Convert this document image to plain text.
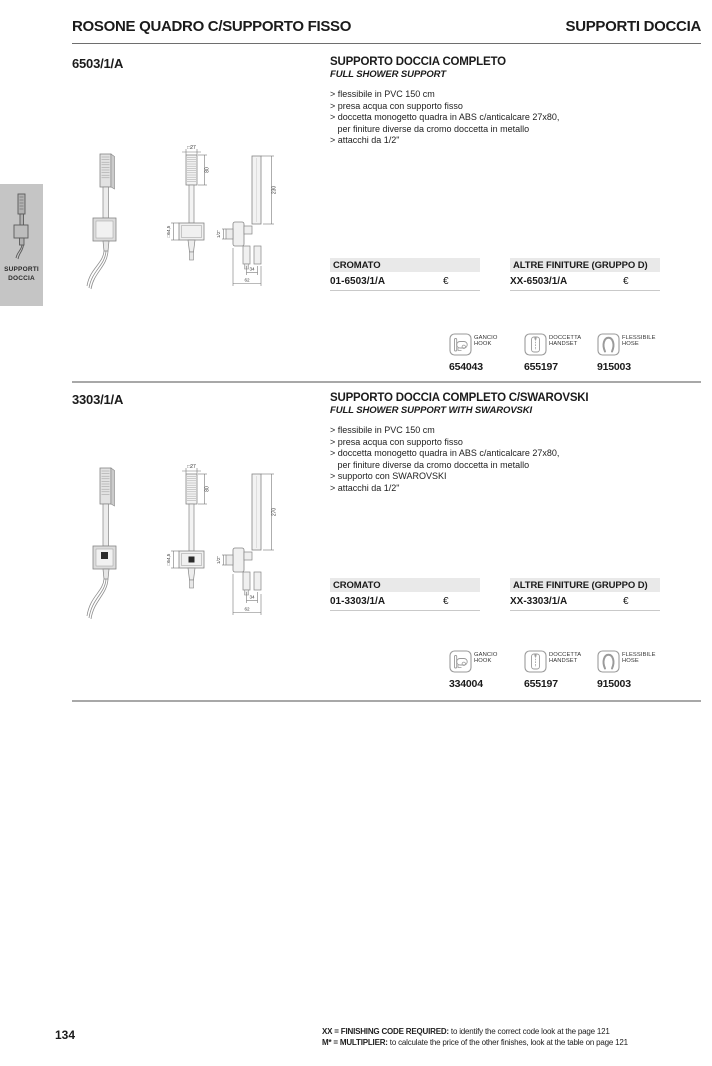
ROSONE QUADRO C/SUPPORTO FISSO	SUPPORTI DOCCIA
SUPPORTI
DOCCIA
6503/1/A	SUPPORTO DOCCIA COMPLETO
FULL SHOWER SUPPORT
> flessibile in PVC 150 cm
> presa acqua con supporto fisso
> doccetta monogetto quadra in ABS c/anticalcare 27x80,
per finiture diverse da cromo doccetta in metallo
> attacchi da 1/2"
□27
80
□64,5
230
1/2"
34
62
CROMATO
01-6503/1/A	€
ALTRE FINITURE (GRUPPO D)
XX-6503/1/A	€
GANCIO
HOOK
654043
DOCCETTA
HANDSET
655197
FLESSIBILE
HOSE
915003
3303/1/A	SUPPORTO DOCCIA COMPLETO C/SWAROVSKI
FULL SHOWER SUPPORT WITH SWAROVSKI
> flessibile in PVC 150 cm
> presa acqua con supporto fisso
> doccetta monogetto quadra in ABS c/anticalcare 27x80,
per finiture diverse da cromo doccetta in metallo
> supporto con SWAROVSKI
> attacchi da 1/2"
□27
80
□64,5
270
1/2"
34
62
CROMATO
01-3303/1/A	€
ALTRE FINITURE (GRUPPO D)
XX-3303/1/A	€
GANCIO
HOOK
334004
DOCCETTA
HANDSET
655197
FLESSIBILE
HOSE
915003
134	XX = FINISHING CODE REQUIRED: to identify the correct code look at the page 121
M* = MULTIPLIER: to calculate the price of the other finishes, look at the table on page 121
